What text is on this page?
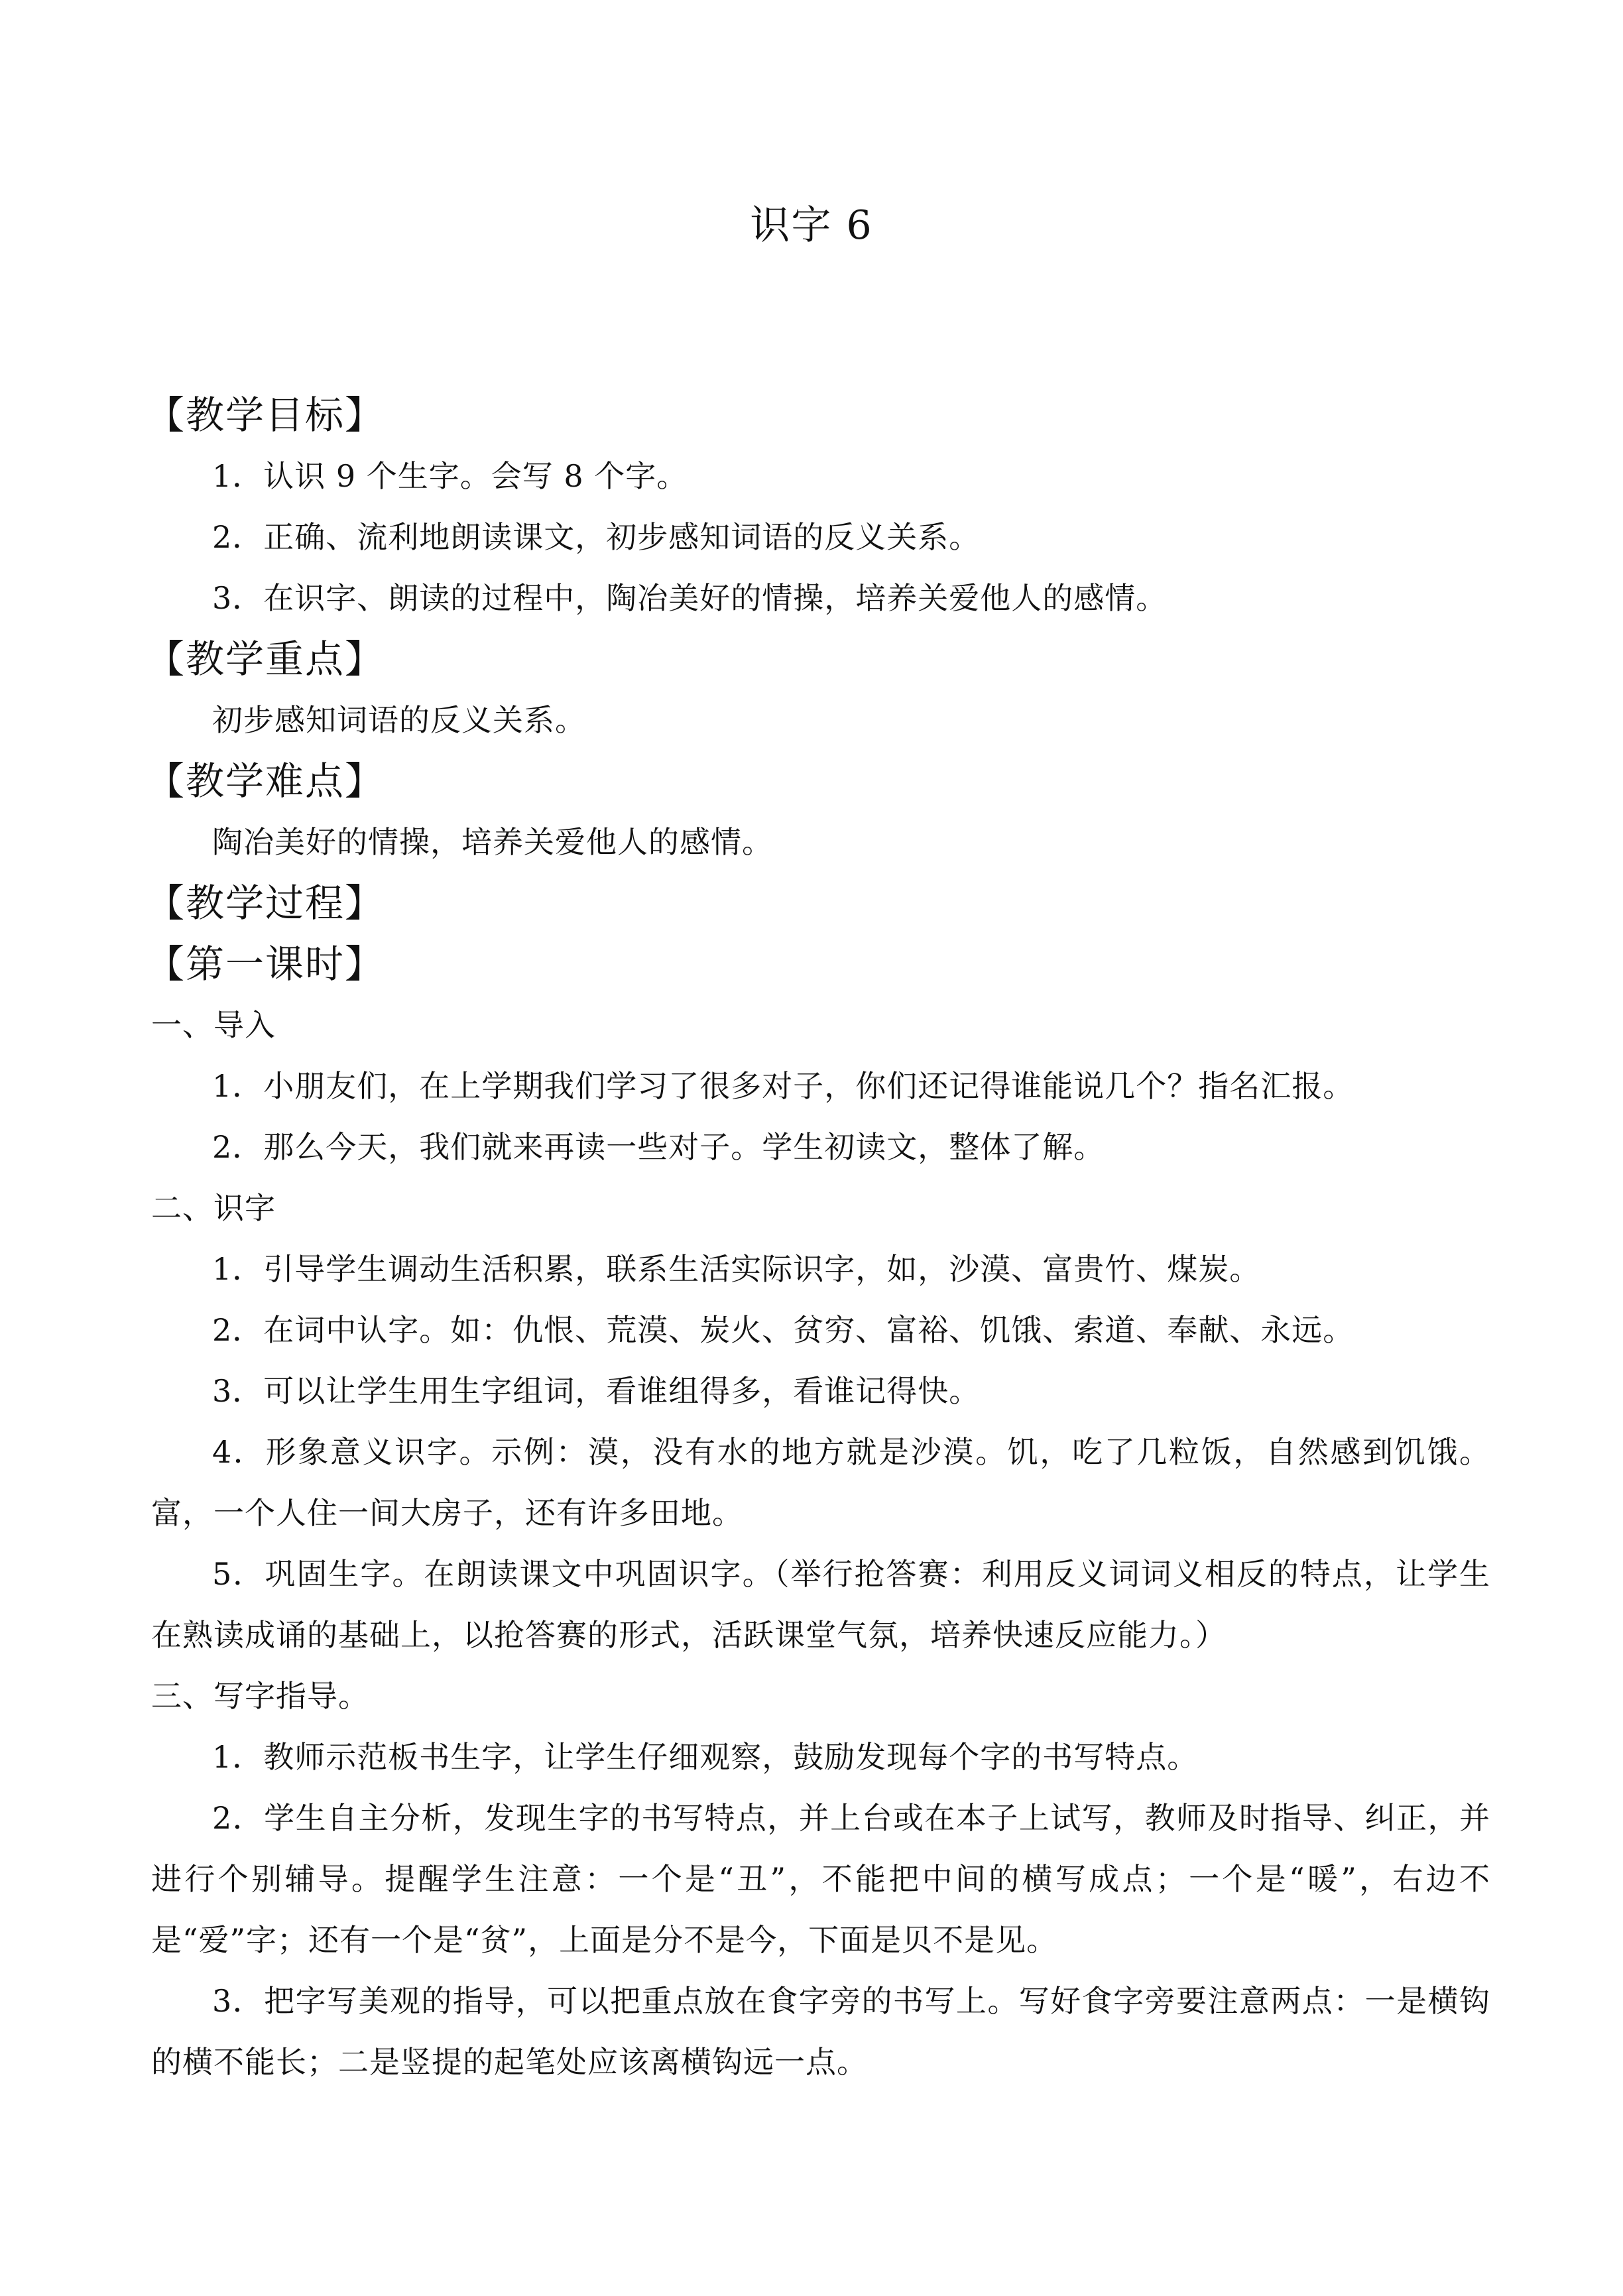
识字 6
【教学目标】
1．认识 9 个生字。会写 8 个字。
2．正确、流利地朗读课文，初步感知词语的反义关系。
3．在识字、朗读的过程中，陶冶美好的情操，培养关爱他人的感情。
【教学重点】
初步感知词语的反义关系。
【教学难点】
陶冶美好的情操，培养关爱他人的感情。
【教学过程】
【第一课时】
一、导入
1．小朋友们，在上学期我们学习了很多对子，你们还记得谁能说几个？指名汇报。
2．那么今天，我们就来再读一些对子。学生初读文，整体了解。
二、识字
1．引导学生调动生活积累，联系生活实际识字，如，沙漠、富贵竹、煤炭。
2．在词中认字。如：仇恨、荒漠、炭火、贫穷、富裕、饥饿、索道、奉献、永远。
3．可以让学生用生字组词，看谁组得多，看谁记得快。
4．形象意义识字。示例：漠，没有水的地方就是沙漠。饥，吃了几粒饭，自然感到饥饿。富，一个人住一间大房子，还有许多田地。
5．巩固生字。在朗读课文中巩固识字。（举行抢答赛：利用反义词词义相反的特点，让学生在熟读成诵的基础上，以抢答赛的形式，活跃课堂气氛，培养快速反应能力。）
三、写字指导。
1．教师示范板书生字，让学生仔细观察，鼓励发现每个字的书写特点。
2．学生自主分析，发现生字的书写特点，并上台或在本子上试写，教师及时指导、纠正，并进行个别辅导。提醒学生注意：一个是“丑”，不能把中间的横写成点；一个是“暖”，右边不是“爱”字；还有一个是“贫”，上面是分不是今，下面是贝不是见。
3．把字写美观的指导，可以把重点放在食字旁的书写上。写好食字旁要注意两点：一是横钩的横不能长；二是竖提的起笔处应该离横钩远一点。
